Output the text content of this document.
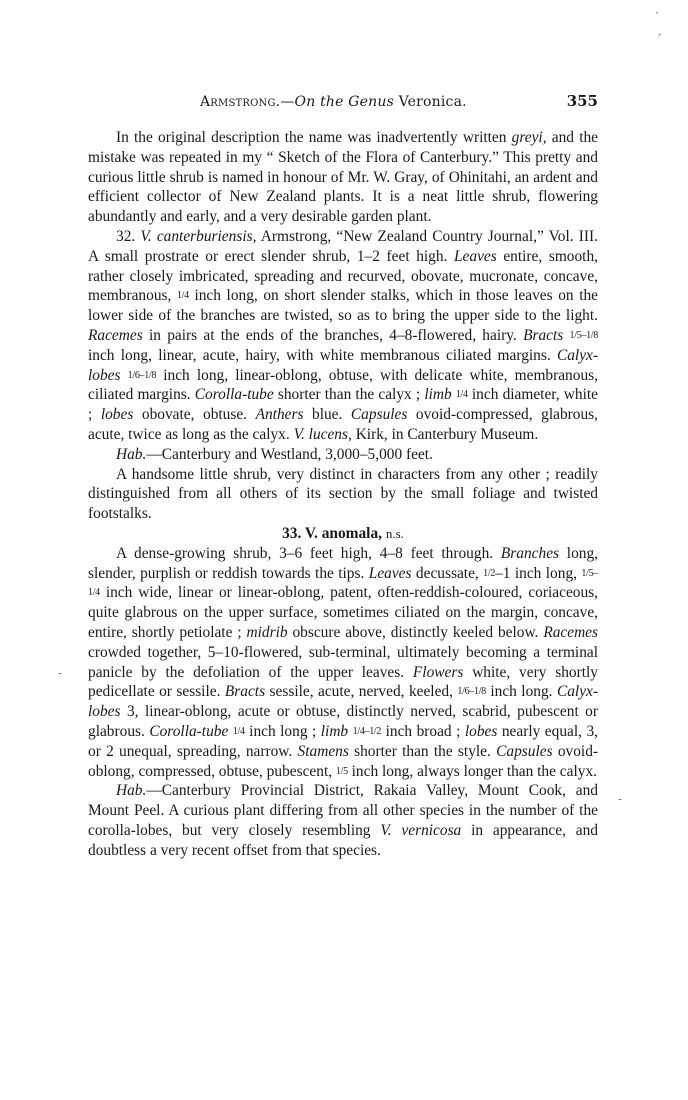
Armstrong.—On the Genus Veronica.	355
·
,
-
-

In the original description the name was inadvertently written greyi, and the mistake was repeated in my “ Sketch of the Flora of Canterbury.” This pretty and curious little shrub is named in honour of Mr. W. Gray, of Ohinitahi, an ardent and efficient collector of New Zealand plants. It is a neat little shrub, flowering abundantly and early, and a very desirable garden plant.

32. V. canterburiensis, Armstrong, “New Zealand Country Journal,” Vol. III. A small prostrate or erect slender shrub, 1–2 feet high. Leaves entire, smooth, rather closely imbricated, spreading and recurved, obovate, mucronate, concave, membranous, 1/4 inch long, on short slender stalks, which in those leaves on the lower side of the branches are twisted, so as to bring the upper side to the light. Racemes in pairs at the ends of the branches, 4–8-flowered, hairy. Bracts 1/5–1/8 inch long, linear, acute, hairy, with white membranous ciliated margins. Calyx-lobes 1/6–1/8 inch long, linear-oblong, obtuse, with delicate white, membranous, ciliated margins. Corolla-tube shorter than the calyx ; limb 1/4 inch diameter, white ; lobes obovate, obtuse. Anthers blue. Capsules ovoid-compressed, glabrous, acute, twice as long as the calyx. V. lucens, Kirk, in Canterbury Museum.

Hab.—Canterbury and Westland, 3,000–5,000 feet.

A handsome little shrub, very distinct in characters from any other ; readily distinguished from all others of its section by the small foliage and twisted footstalks.

33. V. anomala, n.s.

A dense-growing shrub, 3–6 feet high, 4–8 feet through. Branches long, slender, purplish or reddish towards the tips. Leaves decussate, 1/2–1 inch long, 1/5–1/4 inch wide, linear or linear-oblong, patent, often-reddish-coloured, coriaceous, quite glabrous on the upper surface, sometimes ciliated on the margin, concave, entire, shortly petiolate ; midrib obscure above, distinctly keeled below. Racemes crowded together, 5–10-flowered, sub-terminal, ultimately becoming a terminal panicle by the defoliation of the upper leaves. Flowers white, very shortly pedicellate or sessile. Bracts sessile, acute, nerved, keeled, 1/6–1/8 inch long. Calyx-lobes 3, linear-oblong, acute or obtuse, distinctly nerved, scabrid, pubescent or glabrous. Corolla-tube 1/4 inch long ; limb 1/4–1/2 inch broad ; lobes nearly equal, 3, or 2 unequal, spreading, narrow. Stamens shorter than the style. Capsules ovoid-oblong, compressed, obtuse, pubescent, 1/5 inch long, always longer than the calyx.

Hab.—Canterbury Provincial District, Rakaia Valley, Mount Cook, and Mount Peel. A curious plant differing from all other species in the number of the corolla-lobes, but very closely resembling V. vernicosa in appearance, and doubtless a very recent offset from that species.
